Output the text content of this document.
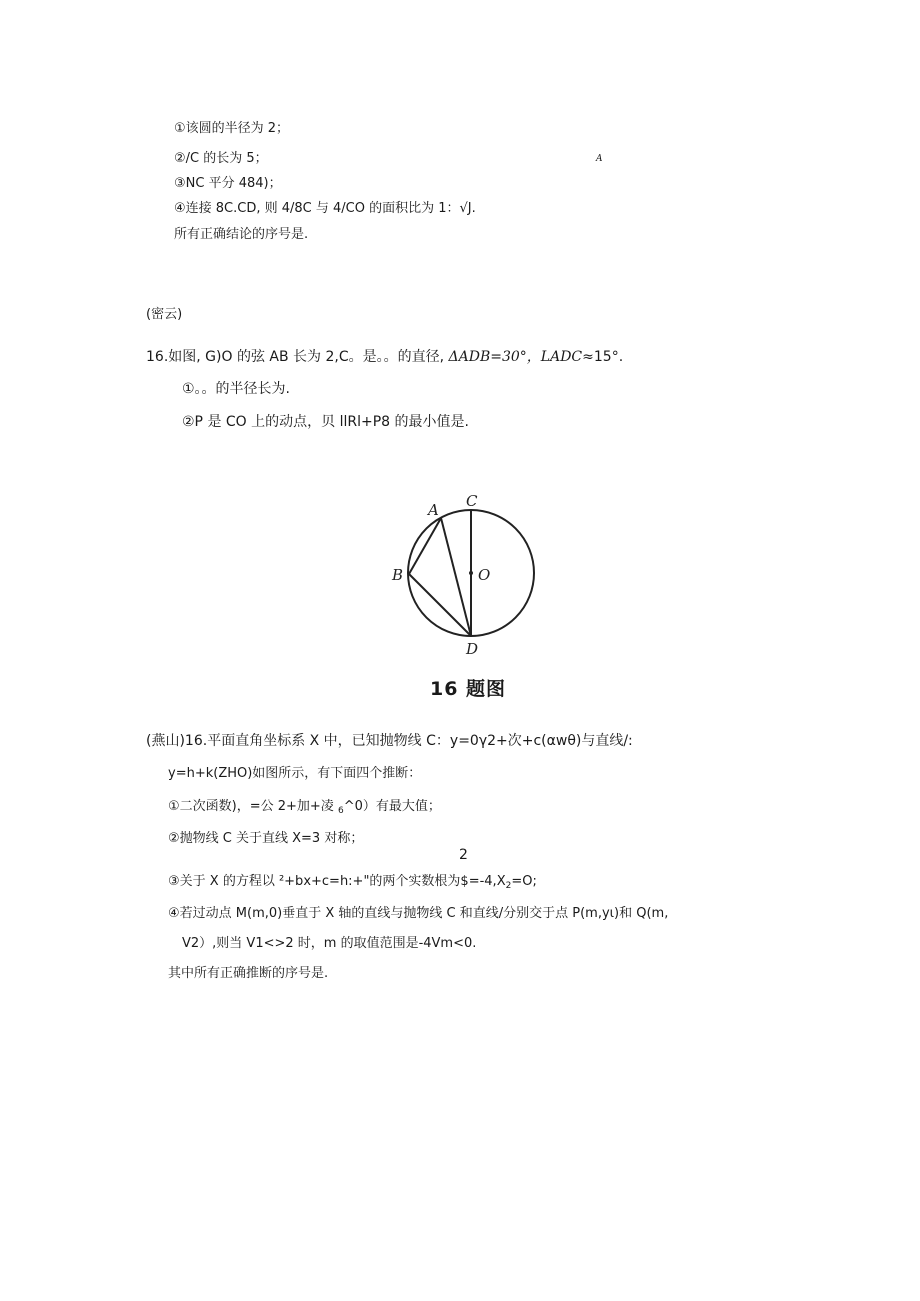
①该圆的半径为 2；
②/C 的长为 5；	A
③NC 平分 484)；
④连接 8C.CD, 则 4/8C 与 4/CO 的面积比为 1：√J.
所有正确结论的序号是.
(密云)
16.如图, G)O 的弦 AB 长为 2,C。是。。的直径, ΔADB=30°，LADC≈15°.
①。。的半径长为.
②P 是 CO 上的动点，贝 llRl+P8 的最小值是.
A
B
C
D
O
16 题图
(燕山)16.平面直角坐标系 X 中，已知抛物线 C：y=0γ2+次+c(αwθ)与直线/:
y=h+k(ZHO)如图所示，有下面四个推断：
①二次函数)，=公 2+加+凌 $_6$^0）有最大值；
②抛物线 C 关于直线 X=3 对称；
2
③关于 X 的方程以 ²+bx+c=h:+"的两个实数根为$\$=-4,X_2=O$;
④若过动点 M(m,0)垂直于 X 轴的直线与抛物线 C 和直线/分别交于点 P(m,yι)和 Q(m,
V2）,则当 V1<>2 时，m 的取值范围是-4Vm<0.
其中所有正确推断的序号是.
